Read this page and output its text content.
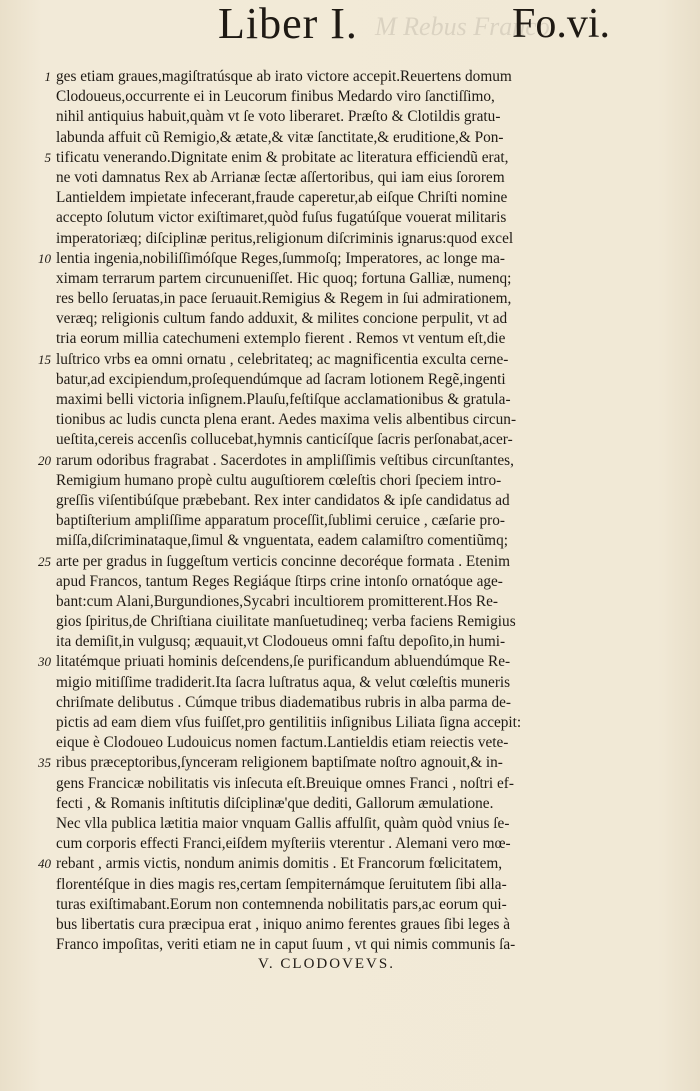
M Rebus Franco
Liber I.	Fo.vi.
1 ges etiam graues,magiſtratúsque ab irato victore accepit.Reuertens domum
Clodoueus,occurrente ei in Leucorum finibus Medardo viro ſanctiſſimo,
nihil antiquius habuit,quàm vt ſe voto liberaret. Præſto & Clotildis gratu-
labunda affuit cũ Remigio,& ætate,& vitæ ſanctitate,& eruditione,& Pon-
5 tificatu venerando.Dignitate enim & probitate ac literatura efficiendũ erat,
ne voti damnatus Rex ab Arrianæ ſectæ aſſertoribus, qui iam eius ſororem
Lantieldem impietate infecerant,fraude caperetur,ab eiſque Chriſti nomine
accepto ſolutum victor exiſtimaret,quòd fuſus fugatúſque vouerat militaris
imperatoriæq; diſciplinæ peritus,religionum diſcriminis ignarus:quod excel
10 lentia ingenia,nobiliſſimóſque Reges,ſummoſq; Imperatores, ac longe ma-
ximam terrarum partem circunueniſſet. Hic quoq; fortuna Galliæ, numenq;
res bello ſeruatas,in pace ſeruauit.Remigius & Regem in ſui admirationem,
veræq; religionis cultum fando adduxit, & milites concione perpulit, vt ad
tria eorum millia catechumeni extemplo fierent . Remos vt ventum eſt,die
15 luſtrico vrbs ea omni ornatu , celebritateq; ac magnificentia exculta cerne-
batur,ad excipiendum,proſequendúmque ad ſacram lotionem Regẽ,ingenti
maximi belli victoria inſignem.Plauſu,feſtiſque acclamationibus & gratula-
tionibus ac ludis cuncta plena erant. Aedes maxima velis albentibus circun-
ueſtita,cereis accenſis collucebat,hymnis canticíſque ſacris perſonabat,acer-
20 rarum odoribus fragrabat . Sacerdotes in ampliſſimis veſtibus circunſtantes,
Remigium humano propè cultu auguſtiorem cœleſtis chori ſpeciem intro-
greſſis viſentibúſque præbebant. Rex inter candidatos & ipſe candidatus ad
baptiſterium ampliſſime apparatum proceſſit,ſublimi ceruice , cæſarie pro-
miſſa,diſcriminataque,ſimul & vnguentata, eadem calamiſtro comentiũmq;
25 arte per gradus in ſuggeſtum verticis concinne decoréque formata . Etenim
apud Francos, tantum Reges Regiáque ſtirps crine intonſo ornatóque age-
bant:cum Alani,Burgundiones,Sycabri incultiorem promitterent.Hos Re-
gios ſpiritus,de Chriſtiana ciuilitate manſuetudineq; verba faciens Remigius
ita demiſit,in vulgusq; æquauit,vt Clodoueus omni faſtu depoſito,in humi-
30 litatémque priuati hominis deſcendens,ſe purificandum abluendúmque Re-
migio mitiſſime tradiderit.Ita ſacra luſtratus aqua, & velut cœleſtis muneris
chriſmate delibutus . Cúmque tribus diadematibus rubris in alba parma de-
pictis ad eam diem vſus fuiſſet,pro gentilitiis inſignibus Liliata ſigna accepit:
eique è Clodoueo Ludouicus nomen factum.Lantieldis etiam reiectis vete-
35 ribus præceptoribus,ſynceram religionem baptiſmate noſtro agnouit,& in-
gens Francicæ nobilitatis vis inſecuta eſt.Breuique omnes Franci , noſtri ef-
fecti , & Romanis inſtitutis diſciplinæ'que dediti, Gallorum æmulatione.
Nec vlla publica lætitia maior vnquam Gallis affulſit, quàm quòd vnius ſe-
cum corporis effecti Franci,eiſdem myſteriis vterentur . Alemani vero mœ-
40 rebant , armis victis, nondum animis domitis . Et Francorum fœlicitatem,
florentéſque in dies magis res,certam ſempiternámque ſeruitutem ſibi alla-
turas exiſtimabant.Eorum non contemnenda nobilitatis pars,ac eorum qui-
bus libertatis cura præcipua erat , iniquo animo ferentes graues ſibi leges à
Franco impoſitas, veriti etiam ne in caput ſuum , vt qui nimis communis ſa-
V. CLODOVEVS.
